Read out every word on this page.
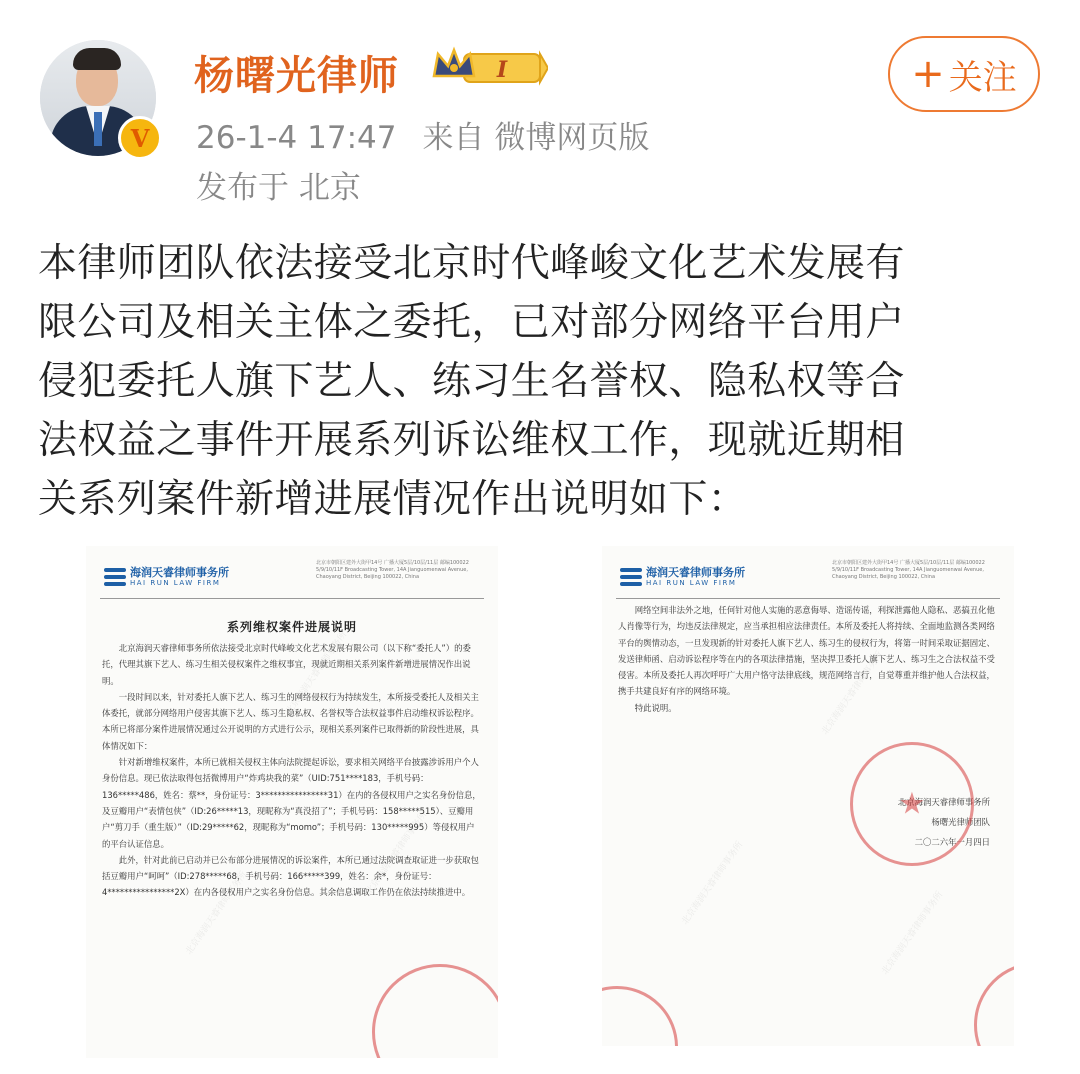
V
杨曙光律师	I
26-1-4 17:47 来自 微博网页版
发布于 北京
+ 关注

本律师团队依法接受北京时代峰峻文化艺术发展有

限公司及相关主体之委托，已对部分网络平台用户

侵犯委托人旗下艺人、练习生名誉权、隐私权等合

法权益之事件开展系列诉讼维权工作，现就近期相

关系列案件新增进展情况作出说明如下：

北京海润天睿律师事务所
北京海润天睿律师事务所
北京海润天睿律师事务所
海润天睿律师事务所
HAI RUN LAW FIRM
北京市朝阳区建外大街甲14号 广播大厦5层/10层/11层 邮编100022 5/9/10/11F Broadcasting Tower, 14A Jianguomenwai Avenue, Chaoyang District, Beijing 100022, China
系列维权案件进展说明

北京海润天睿律师事务所依法接受北京时代峰峻文化艺术发展有限公司（以下称“委托人”）的委托，代理其旗下艺人、练习生相关侵权案件之维权事宜，现就近期相关系列案件新增进展情况作出说明。

一段时间以来，针对委托人旗下艺人、练习生的网络侵权行为持续发生，本所接受委托人及相关主体委托，就部分网络用户侵害其旗下艺人、练习生隐私权、名誉权等合法权益事件启动维权诉讼程序。本所已将部分案件进展情况通过公开说明的方式进行公示，现相关系列案件已取得新的阶段性进展，具体情况如下：

针对新增维权案件，本所已就相关侵权主体向法院提起诉讼，要求相关网络平台披露涉诉用户个人身份信息。现已依法取得包括微博用户“炸鸡块我的菜”（UID:751****183，手机号码：136*****486，姓名：蔡**，身份证号：3****************31）在内的各侵权用户之实名身份信息，及豆瓣用户“表情包侠”（ID:26*****13，现昵称为“真没招了”；手机号码：158*****515）、豆瓣用户“剪刀手（重生版）”（ID:29*****62，现昵称为“momo”；手机号码：130*****995）等侵权用户的平台认证信息。

此外，针对此前已启动并已公布部分进展情况的诉讼案件，本所已通过法院调查取证进一步获取包括豆瓣用户“呵呵”（ID:278*****68，手机号码：166*****399，姓名：余*，身份证号：4****************2X）在内各侵权用户之实名身份信息。其余信息调取工作仍在依法持续推进中。

北京海润天睿律师事务所
北京海润天睿律师事务所
北京海润天睿律师事务所
海润天睿律师事务所
HAI RUN LAW FIRM
北京市朝阳区建外大街甲14号 广播大厦5层/10层/11层 邮编100022 5/9/10/11F Broadcasting Tower, 14A Jianguomenwai Avenue, Chaoyang District, Beijing 100022, China

网络空间非法外之地，任何针对他人实施的恶意侮辱、造谣传谣，利探泄露他人隐私、恶搞丑化他人肖像等行为，均违反法律规定，应当承担相应法律责任。本所及委托人将持续、全面地监测各类网络平台的舆情动态，一旦发现新的针对委托人旗下艺人、练习生的侵权行为，将第一时间采取证据固定、发送律师函、启动诉讼程序等在内的各项法律措施，坚决捍卫委托人旗下艺人、练习生之合法权益不受侵害。本所及委托人再次呼吁广大用户恪守法律底线，规范网络言行，自觉尊重并维护他人合法权益，携手共建良好有序的网络环境。

特此说明。

北京海润天睿律师事务所
杨曙光律师团队
二〇二六年一月四日
★
